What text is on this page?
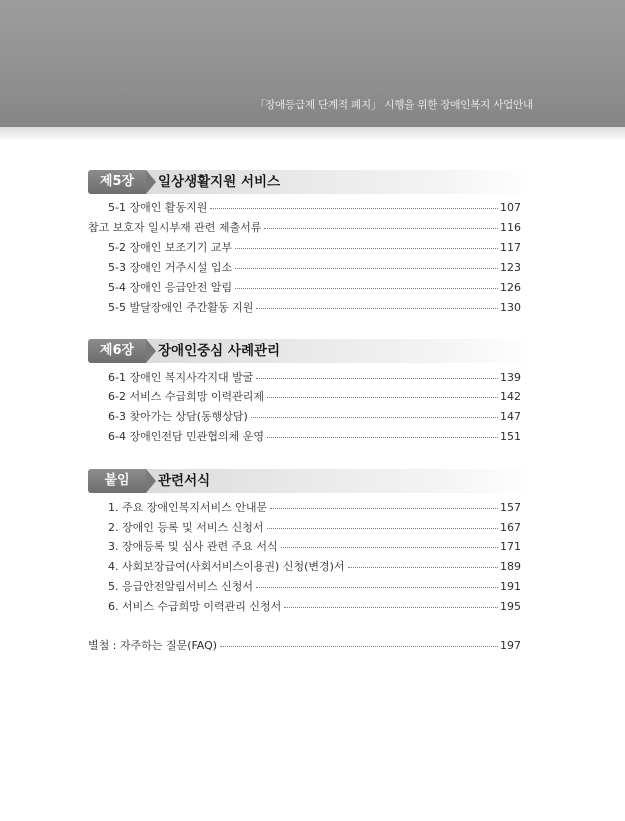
「장애등급제 단계적 폐지」 시행을 위한 장애인복지 사업안내
제5장	일상생활지원 서비스
5-1 장애인 활동지원	107
참고 보호자 일시부재 관련 제출서류	116
5-2 장애인 보조기기 교부	117
5-3 장애인 거주시설 입소	123
5-4 장애인 응급안전 알림	126
5-5 발달장애인 주간활동 지원	130
제6장	장애인중심 사례관리
6-1 장애인 복지사각지대 발굴	139
6-2 서비스 수급희망 이력관리제	142
6-3 찾아가는 상담(동행상담)	147
6-4 장애인전담 민관협의체 운영	151
붙임	관련서식
1. 주요 장애인복지서비스 안내문	157
2. 장애인 등록 및 서비스 신청서	167
3. 장애등록 및 심사 관련 주요 서식	171
4. 사회보장급여(사회서비스이용권) 신청(변경)서	189
5. 응급안전알림서비스 신청서	191
6. 서비스 수급희망 이력관리 신청서	195
별첨 : 자주하는 질문(FAQ)	197
